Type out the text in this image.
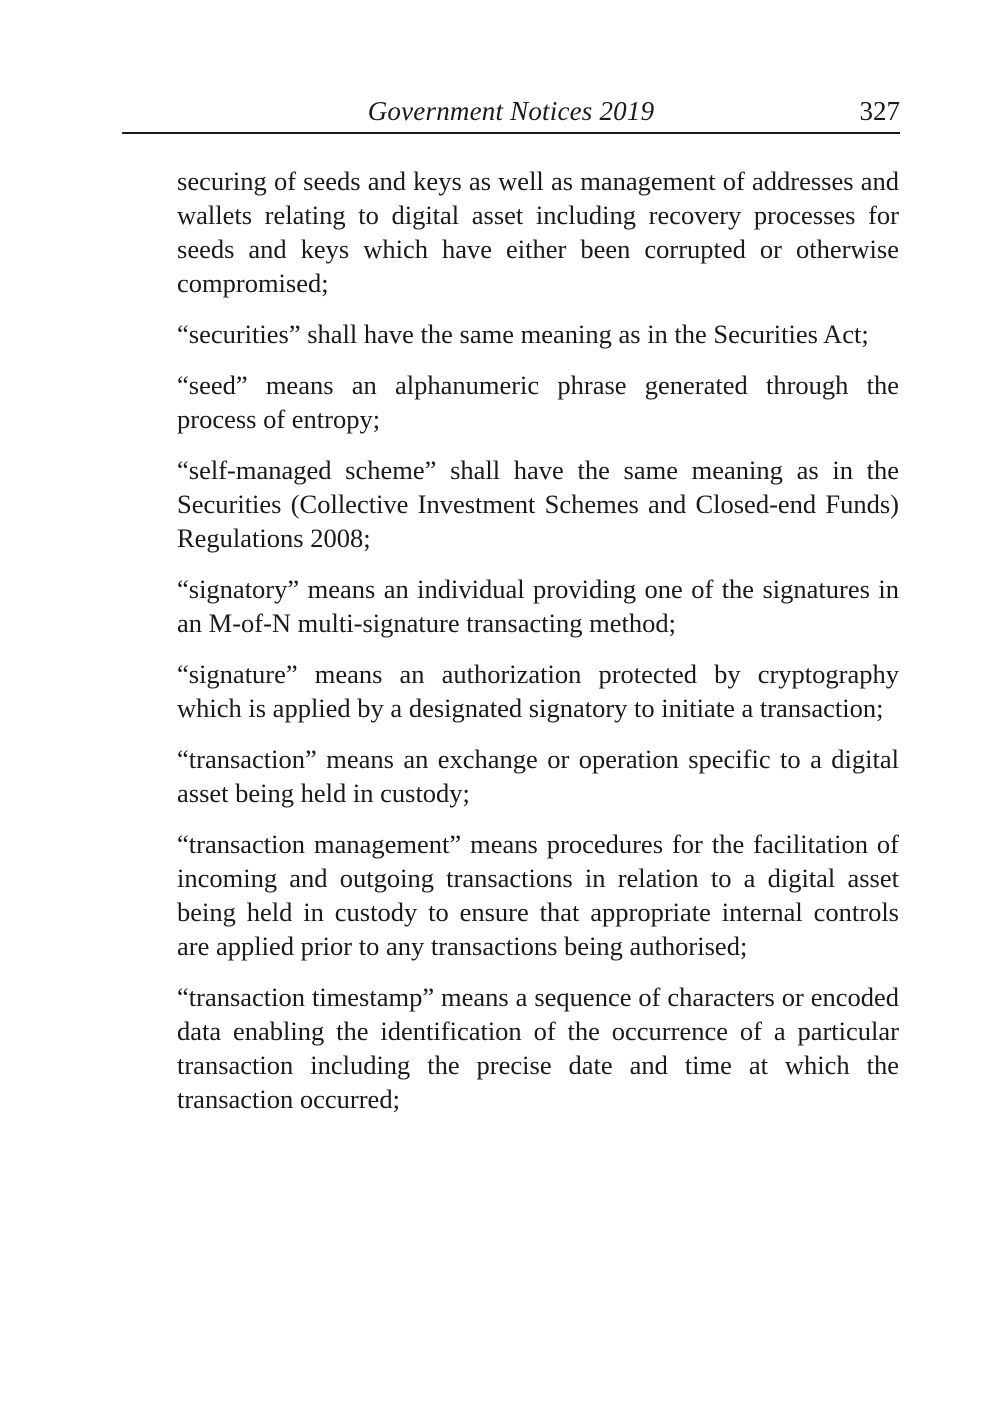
Government Notices 2019	327

securing of seeds and keys as well as management of addresses and wallets relating to digital asset including recovery processes for seeds and keys which have either been corrupted or otherwise compromised;

“securities” shall have the same meaning as in the Securities Act;

“seed” means an alphanumeric phrase generated through the process of entropy;

“self-managed scheme” shall have the same meaning as in the Securities (Collective Investment Schemes and Closed-end Funds) Regulations 2008;

“signatory” means an individual providing one of the signatures in an M-of-N multi-signature transacting method;

“signature” means an authorization protected by cryptography which is applied by a designated signatory to initiate a transaction;

“transaction” means an exchange or operation specific to a digital asset being held in custody;

“transaction management” means procedures for the facilitation of incoming and outgoing transactions in relation to a digital asset being held in custody to ensure that appropriate internal controls are applied prior to any transactions being authorised;

“transaction timestamp” means a sequence of characters or encoded data enabling the identification of the occurrence of a particular transaction including the precise date and time at which the transaction occurred;
